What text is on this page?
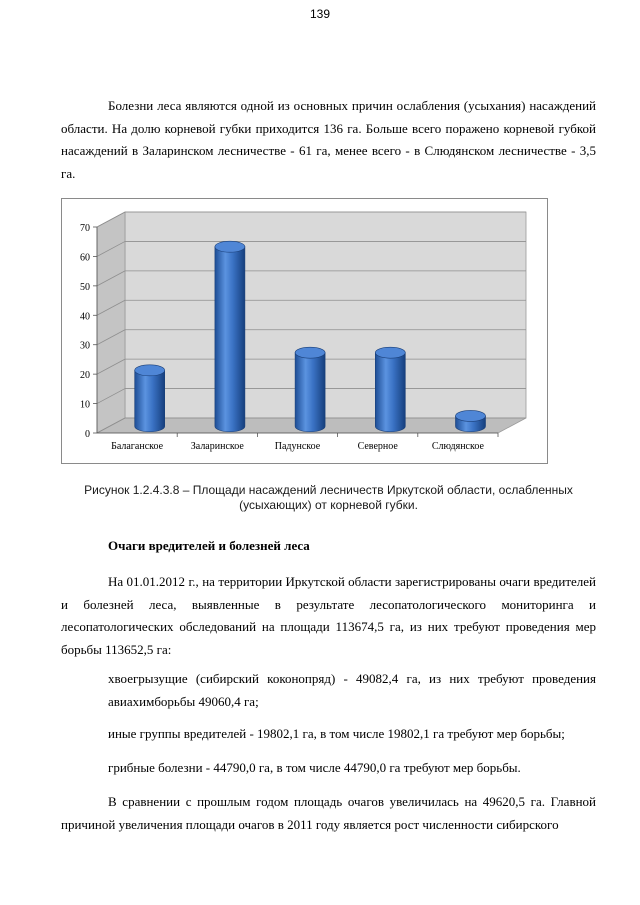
139

Болезни леса являются одной из основных причин ослабления (усыхания) насаждений области. На долю корневой губки приходится 136 га. Больше всего поражено корневой губкой насаждений в Заларинском лесничестве - 61 га, менее всего - в Слюдянском лесничестве - 3,5 га.

0
10
20
30
40
50
60
70
Балаганское	Заларинское	Падунское	Северное	Слюдянское
Рисунок 1.2.4.3.8 – Площади насаждений лесничеств Иркутской области, ослабленных
(усыхающих) от корневой губки.

Очаги вредителей и болезней леса

На 01.01.2012 г., на территории Иркутской области зарегистрированы очаги вредителей и болезней леса, выявленные в результате лесопатологического мониторинга и лесопатологических обследований на площади 113674,5 га, из них требуют проведения мер борьбы 113652,5 га:

хвоегрызущие (сибирский коконопряд) - 49082,4 га, из них требуют проведения авиахимборьбы 49060,4 га;

иные группы вредителей - 19802,1 га, в том числе 19802,1 га требуют мер борьбы;

грибные болезни - 44790,0 га, в том числе 44790,0 га требуют мер борьбы.

В сравнении с прошлым годом площадь очагов увеличилась на 49620,5 га. Главной причиной увеличения площади очагов в 2011 году является рост численности сибирского
